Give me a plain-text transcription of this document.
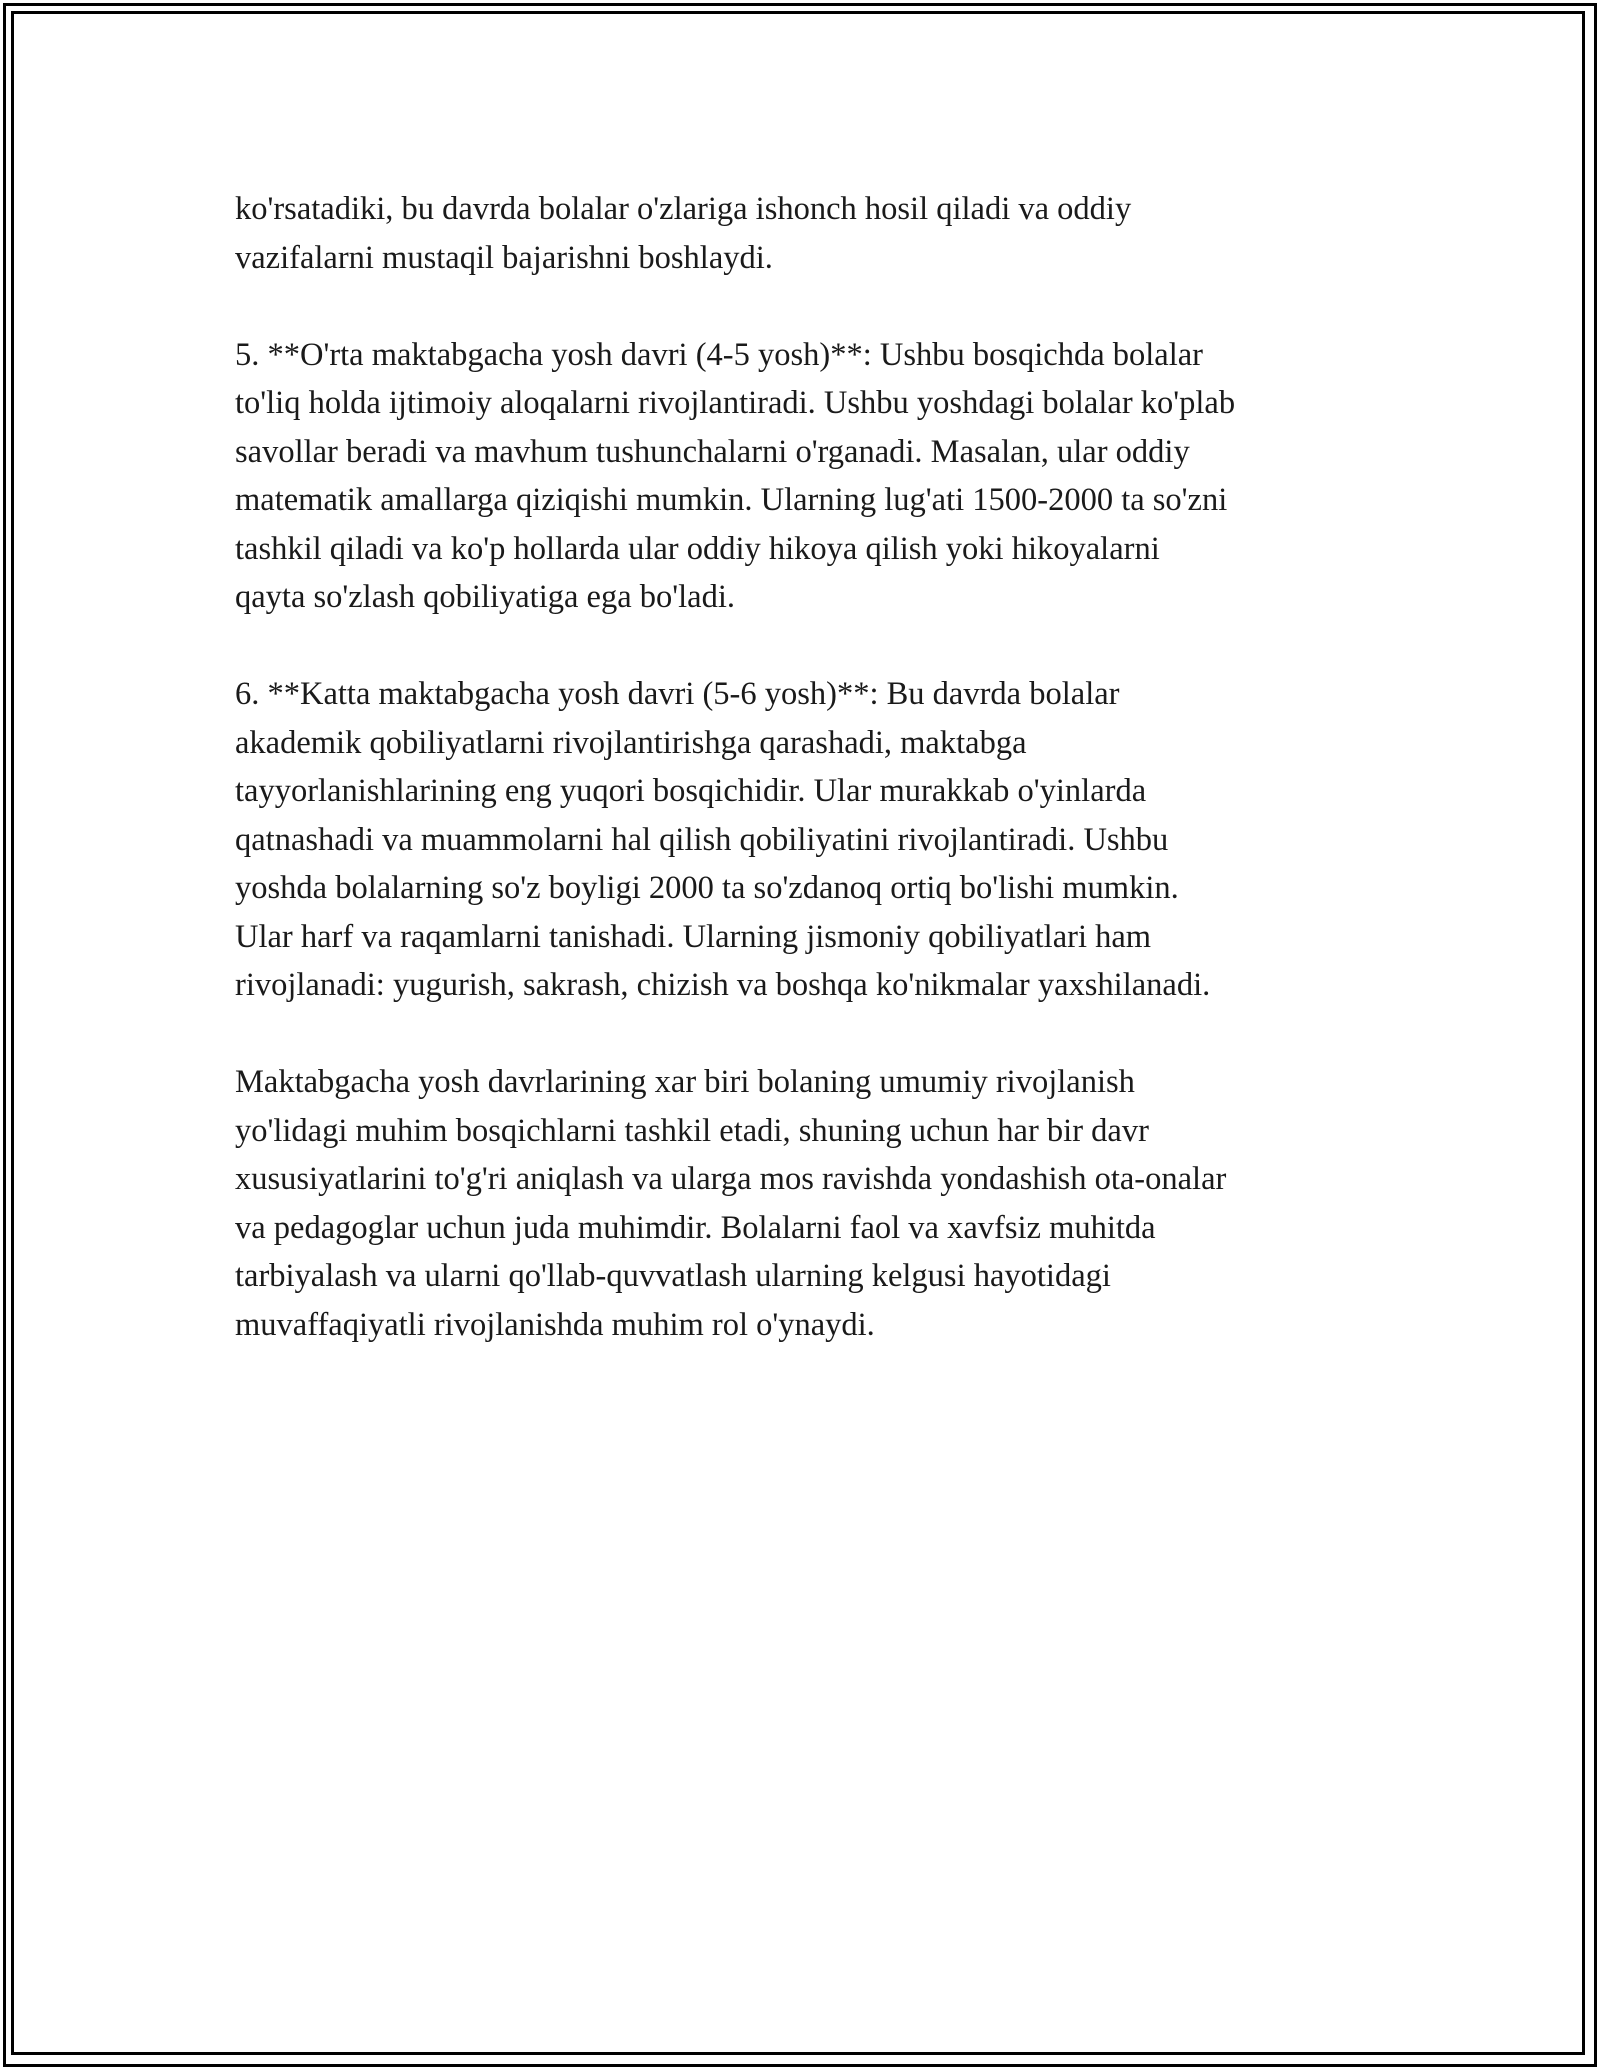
ko'rsatadiki, bu davrda bolalar o'zlariga ishonch hosil qiladi va oddiy
vazifalarni mustaqil bajarishni boshlaydi.

5. **O'rta maktabgacha yosh davri (4-5 yosh)**: Ushbu bosqichda bolalar
to'liq holda ijtimoiy aloqalarni rivojlantiradi. Ushbu yoshdagi bolalar ko'plab
savollar beradi va mavhum tushunchalarni o'rganadi. Masalan, ular oddiy
matematik amallarga qiziqishi mumkin. Ularning lug'ati 1500-2000 ta so'zni
tashkil qiladi va ko'p hollarda ular oddiy hikoya qilish yoki hikoyalarni
qayta so'zlash qobiliyatiga ega bo'ladi.

6. **Katta maktabgacha yosh davri (5-6 yosh)**: Bu davrda bolalar
akademik qobiliyatlarni rivojlantirishga qarashadi, maktabga
tayyorlanishlarining eng yuqori bosqichidir. Ular murakkab o'yinlarda
qatnashadi va muammolarni hal qilish qobiliyatini rivojlantiradi. Ushbu
yoshda bolalarning so'z boyligi 2000 ta so'zdanoq ortiq bo'lishi mumkin.
Ular harf va raqamlarni tanishadi. Ularning jismoniy qobiliyatlari ham
rivojlanadi: yugurish, sakrash, chizish va boshqa ko'nikmalar yaxshilanadi.

Maktabgacha yosh davrlarining xar biri bolaning umumiy rivojlanish
yo'lidagi muhim bosqichlarni tashkil etadi, shuning uchun har bir davr
xususiyatlarini to'g'ri aniqlash va ularga mos ravishda yondashish ota-onalar
va pedagoglar uchun juda muhimdir. Bolalarni faol va xavfsiz muhitda
tarbiyalash va ularni qo'llab-quvvatlash ularning kelgusi hayotidagi
muvaffaqiyatli rivojlanishda muhim rol o'ynaydi.
